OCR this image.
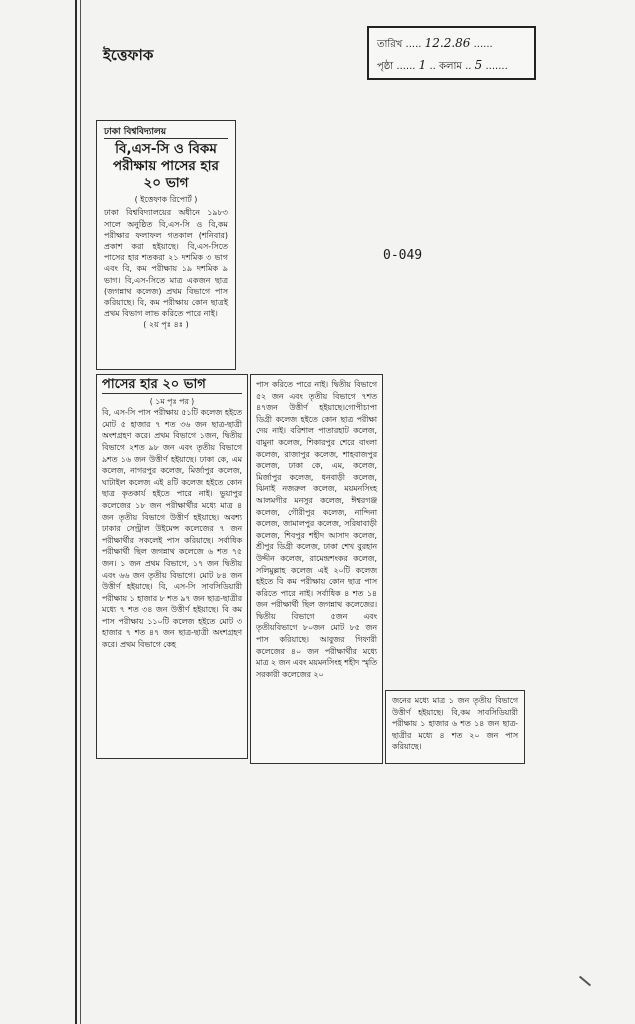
ইত্তেফাক
তারিখ ..... 12.2.86 ......
পৃষ্ঠা ...... 1 .. কলাম .. 5 .......
0-049

ঢাকা বিশ্ববিদ্যালয়

বি,এস-সি ও বিকম পরীক্ষায় পাসের হার ২০ ভাগ

( ইত্তেফাক রিপোর্ট )

ঢাকা বিশ্ববিদ্যালয়ের অধীনে ১৯৮৩ সালে অনুষ্ঠিত বি,এস-সি ও বি,কম পরীক্ষার ফলাফল গতকাল (শনিবার) প্রকাশ করা হইয়াছে। বি,এস-সিতে পাসের হার শতকরা ২১ দশমিক ৩ ভাগ এবং বি, কম পরীক্ষায় ১৯ দশমিক ৯ ভাগ। বি,এস-সিতে মাত্র একজন ছাত্র (জগন্নাথ কলেজ) প্রথম বিভাগে পাস করিয়াছে। বি, কম পরীক্ষায় কোন ছাত্রই প্রথম বিভাগ লাভ করিতে পারে নাই।

( ২য় পৃঃ ৪ঃ )

পাসের হার ২০ ভাগ

( ১ম পৃঃ পর )

বি, এস-সি পাস পরীক্ষায় ৫১টি কলেজ হইতে মোট ৫ হাজার ৭ শত ৩৬ জন ছাত্র-ছাত্রী অংশগ্রহণ করে। প্রথম বিভাগে ১জন, দ্বিতীয় বিভাগে ২শত ৯৮ জন এবং তৃতীয় বিভাগে ৯শত ১৬ জন উত্তীর্ণ হইয়াছে। ঢাকা কে, এম কলেজ, নাগরপুর কলেজ, মির্জাপুর কলেজ, ঘাটাইল কলেজ এই ৪টি কলেজ হইতে কোন ছাত্র কৃতকার্য হইতে পারে নাই। ভুয়াপুর কলেজের ১৮ জন পরীক্ষার্থীর মধ্যে মাত্র ৪ জন তৃতীয় বিভাগে উত্তীর্ণ হইয়াছে। অবশ্য ঢাকার সেন্ট্রাল উইমেন্স কলেজের ৭ জন পরীক্ষার্থীর সকলেই পাস করিয়াছে। সর্বাধিক পরীক্ষার্থী ছিল জগন্নাথ কলেজে ৬ শত ৭৫ জন। ১ জন প্রথম বিভাগে, ১৭ জন দ্বিতীয় এবং ৬৬ জন তৃতীয় বিভাগে। মোট ৮৪ জন উত্তীর্ণ হইয়াছে। বি, এস-সি সাবসিডিয়ারী পরীক্ষায় ১ হাজার ৮ শত ৯৭ জন ছাত্র-ছাত্রীর মধ্যে ৭ শত ৩৪ জন উত্তীর্ণ হইয়াছে। বি কম পাস পরীক্ষায় ১১০টি কলেজ হইতে মোট ৩ হাজার ৭ শত ৪৭ জন ছাত্র-ছাত্রী অংশগ্রহণ করে। প্রথম বিভাগে কেহ

পাস করিতে পারে নাই। দ্বিতীয় বিভাগে ৫২ জন এবং তৃতীয় বিভাগে ৭শত ৪৭জন উত্তীর্ণ হইয়াছে।গোপীচাপা ডিগ্রী কলেজ হইতে কোন ছাত্র পরীক্ষা দেয় নাই। বরিশাল পাতারহাট কলেজ, বামুনা কলেজ, শিকারপুর শেরে বাংলা কলেজ, রাজাপুর কলেজ, শাহবাজপুর কলেজ, ঢাকা কে, এম, কলেজ, মির্জাপুর কলেজ, ধনবাড়ী কলেজ, ঝিনাই নজরুল কলেজ, ময়মনসিংহ আলমগীর মনসুর কলেজ, ঈশ্বরগঞ্জ কলেজ, গৌরীপুর কলেজ, নান্দিনা কলেজ, জামালপুর কলেজ, সরিষাবাড়ী কলেজ, শিবপুর শহীদ আসাদ কলেজ, শ্রীপুর ডিগ্রী কলেজ, ঢাকা শেখ বুরহান উদ্দীন কলেজ, রামেন্দ্রশংকর কলেজ, সলিমুল্লাহ কলেজ এই ২০টি কলেজ হইতে বি কম পরীক্ষায় কোন ছাত্র পাস করিতে পারে নাই। সর্বাধিক ৪ শত ১৪ জন পরীক্ষার্থী ছিল জগন্নাথ কলেজের। দ্বিতীয় বিভাগে ৫জন এবং তৃতীয়বিভাগে ৮০জন মোট ৮৫ জন পাস করিয়াছে। আবুজর গিফারী কলেজের ৪০ জন পরীক্ষার্থীর মধ্যে মাত্র ২ জন এবং ময়মনসিংহ শহীদ স্মৃতি সরকারী কলেজের ২০

জনের মধ্যে মাত্র ১ জন তৃতীয় বিভাগে উত্তীর্ণ হইয়াছে। বি,কম সাবসিডিয়ারী পরীক্ষায় ১ হাজার ৬ শত ১৪ জন ছাত্র-ছাত্রীর মধ্যে ৪ শত ২০ জন পাস করিয়াছে।
